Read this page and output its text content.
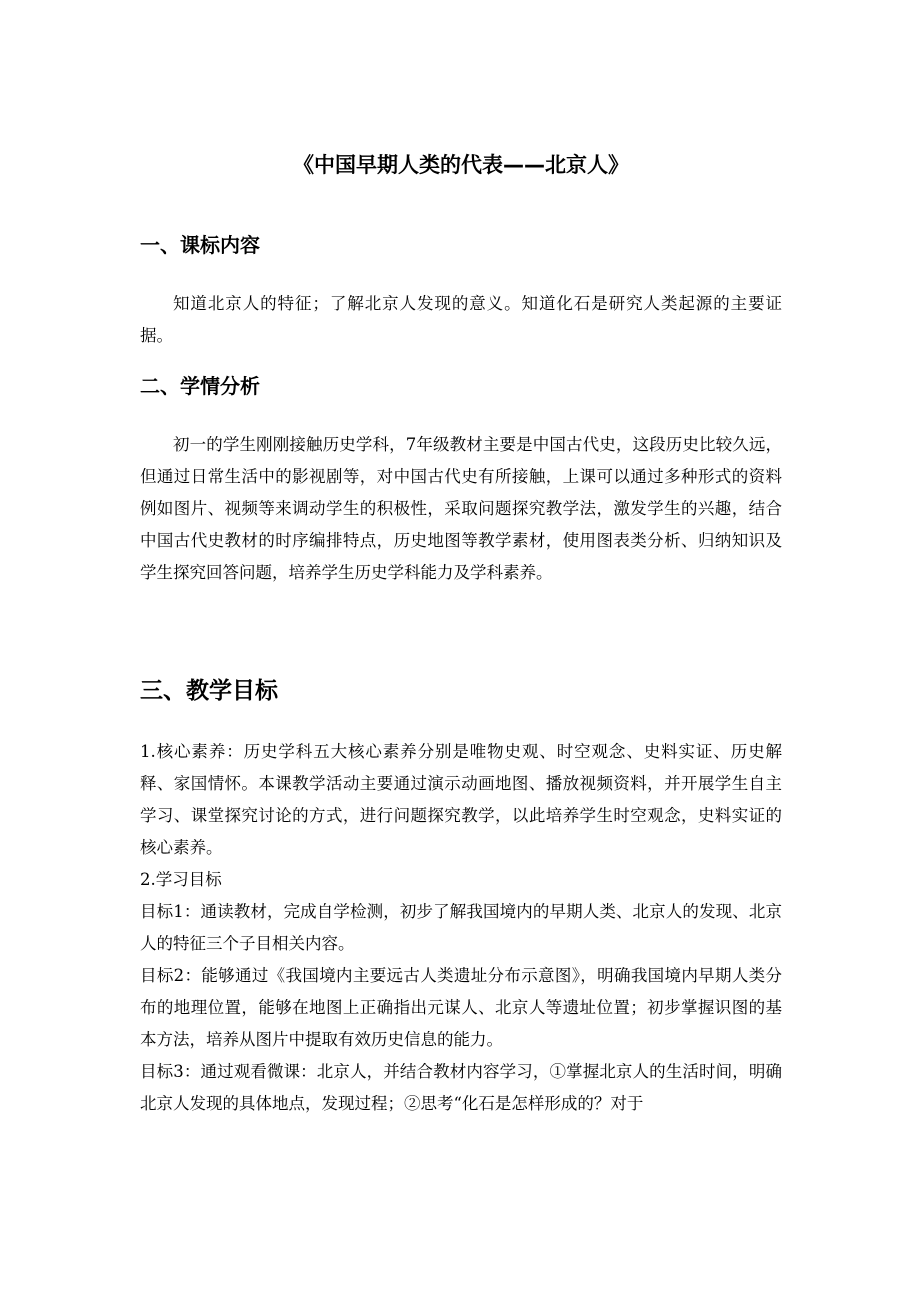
《中国早期人类的代表——北京人》
一、课标内容

知道北京人的特征；了解北京人发现的意义。知道化石是研究人类起源的主要证据。

二、学情分析

初一的学生刚刚接触历史学科，7年级教材主要是中国古代史，这段历史比较久远，但通过日常生活中的影视剧等，对中国古代史有所接触，上课可以通过多种形式的资料例如图片、视频等来调动学生的积极性，采取问题探究教学法，激发学生的兴趣，结合中国古代史教材的时序编排特点，历史地图等教学素材，使用图表类分析、归纳知识及学生探究回答问题，培养学生历史学科能力及学科素养。

三、教学目标

1.核心素养：历史学科五大核心素养分别是唯物史观、时空观念、史料实证、历史解释、家国情怀。本课教学活动主要通过演示动画地图、播放视频资料，并开展学生自主学习、课堂探究讨论的方式，进行问题探究教学，以此培养学生时空观念，史料实证的核心素养。

2.学习目标

目标1：通读教材，完成自学检测，初步了解我国境内的早期人类、北京人的发现、北京人的特征三个子目相关内容。

目标2：能够通过《我国境内主要远古人类遗址分布示意图》，明确我国境内早期人类分布的地理位置，能够在地图上正确指出元谋人、北京人等遗址位置；初步掌握识图的基本方法，培养从图片中提取有效历史信息的能力。

目标3：通过观看微课：北京人，并结合教材内容学习，①掌握北京人的生活时间，明确北京人发现的具体地点，发现过程；②思考“化石是怎样形成的？对于
